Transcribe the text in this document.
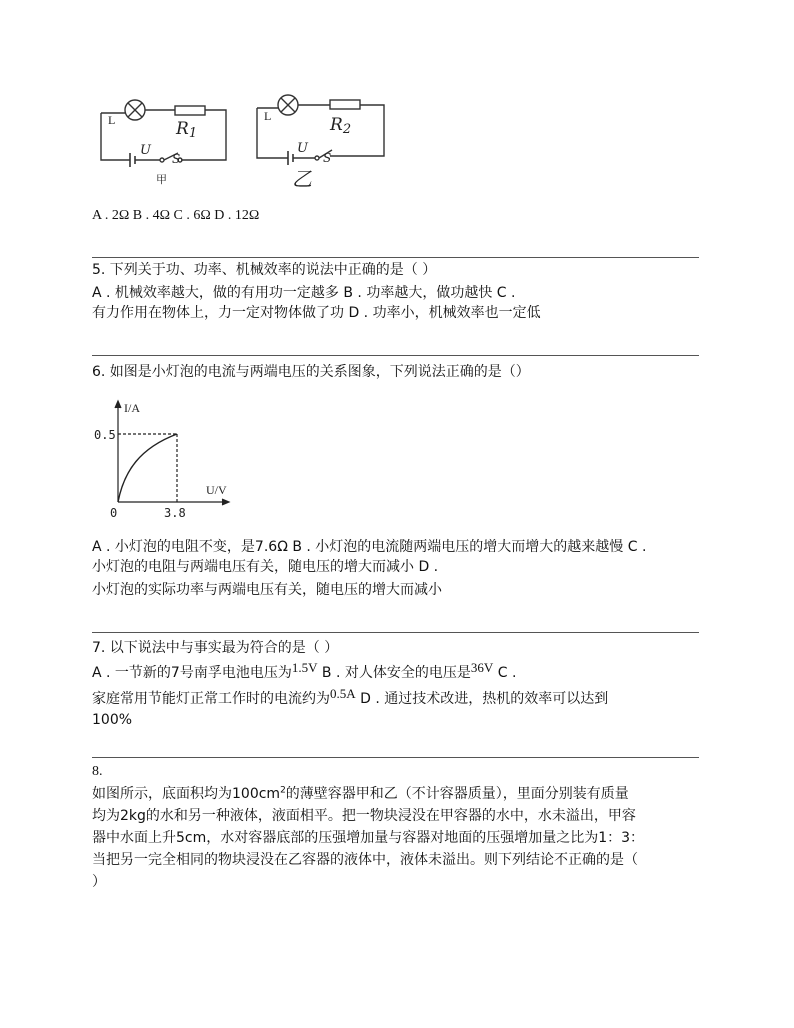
L	R1
U
S
甲
L	R2
U
S
乙
A . 2Ω B . 4Ω C . 6Ω D . 12Ω
5. 下列关于功、功率、机械效率的说法中正确的是（ ）
A . 机械效率越大，做的有用功一定越多 B . 功率越大，做功越快 C .
有力作用在物体上，力一定对物体做了功 D . 功率小，机械效率也一定低
6. 如图是小灯泡的电流与两端电压的关系图象，下列说法正确的是（）
I/A
U/V
0.5
0	3.8
A . 小灯泡的电阻不变，是7.6Ω B . 小灯泡的电流随两端电压的增大而增大的越来越慢 C .
小灯泡的电阻与两端电压有关，随电压的增大而减小 D .
小灯泡的实际功率与两端电压有关，随电压的增大而减小
7. 以下说法中与事实最为符合的是（ ）
A . 一节新的7号南孚电池电压为1.5V B . 对人体安全的电压是36V C .
家庭常用节能灯正常工作时的电流约为0.5A D . 通过技术改进，热机的效率可以达到
100%
8.
如图所示，底面积均为$100cm^2$的薄壁容器甲和乙（不计容器质量），里面分别装有质量
均为2kg的水和另一种液体，液面相平。把一物块浸没在甲容器的水中，水未溢出，甲容
器中水面上升5cm，水对容器底部的压强增加量与容器对地面的压强增加量之比为1：3：
当把另一完全相同的物块浸没在乙容器的液体中，液体未溢出。则下列结论不正确的是（
）
